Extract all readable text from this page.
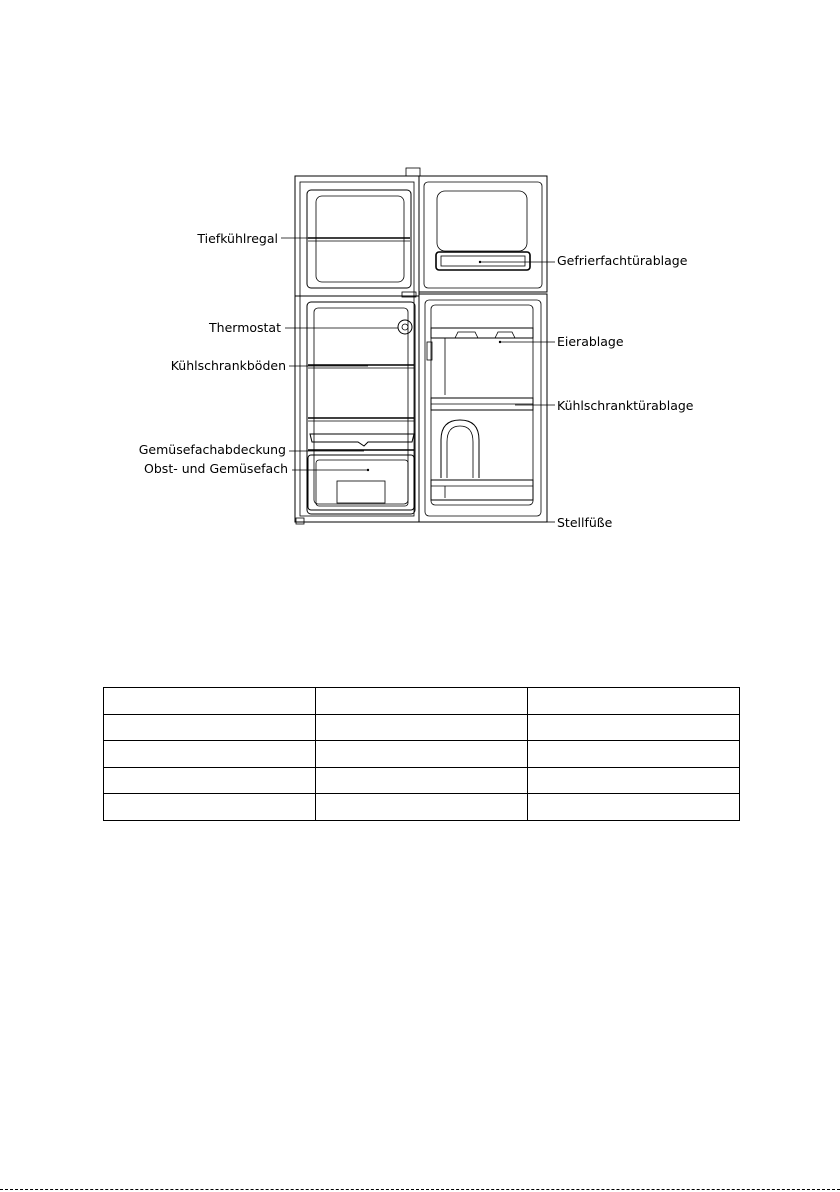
Tiefkühlregal
Thermostat
Kühlschrankböden
Gemüsefachabdeckung
Obst- und Gemüsefach
Gefrierfachtürablage
Eierablage
Kühlschranktürablage
Stellfüße
